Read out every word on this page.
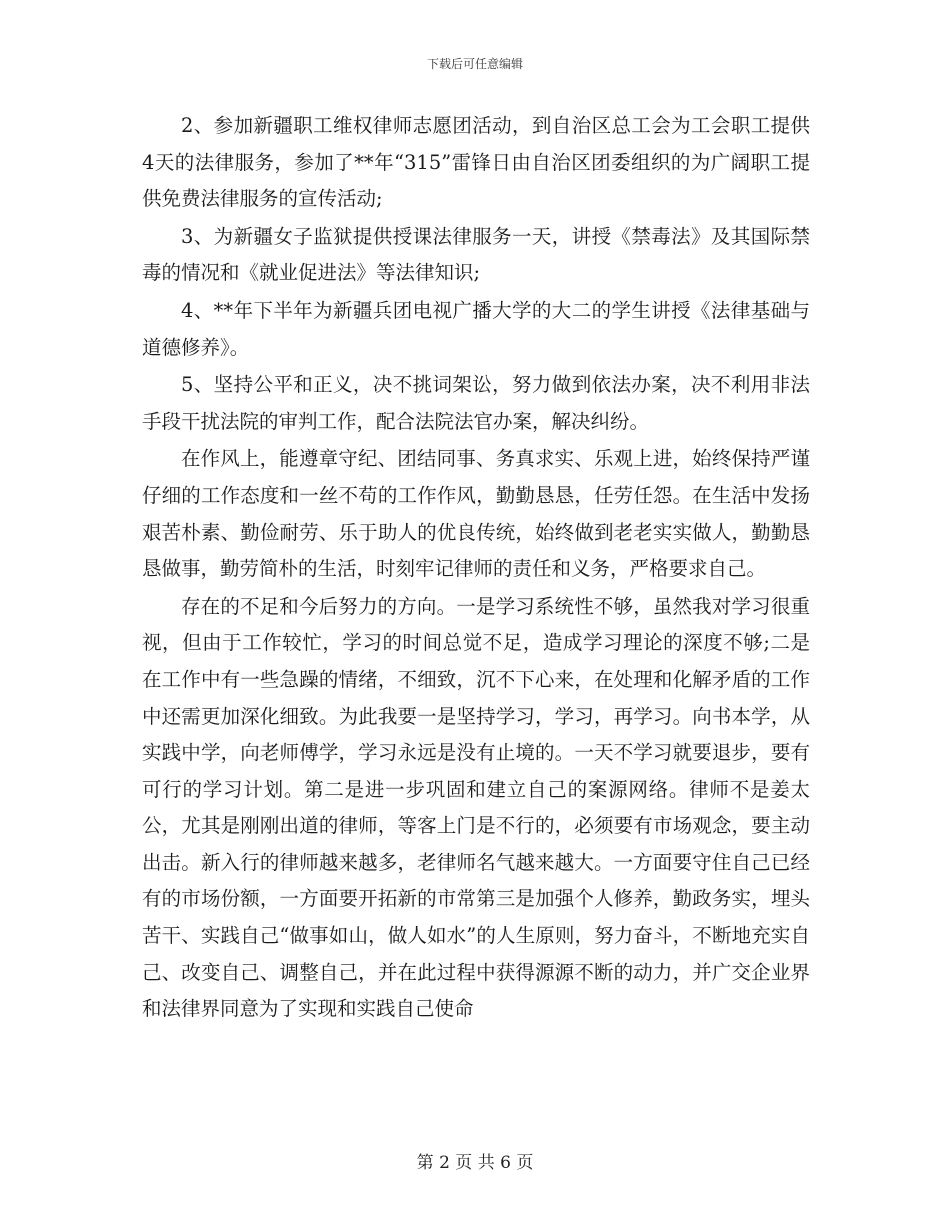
下载后可任意编辑

2、参加新疆职工维权律师志愿团活动，到自治区总工会为工会职工提供4天的法律服务，参加了**年“315”雷锋日由自治区团委组织的为广阔职工提供免费法律服务的宣传活动;

3、为新疆女子监狱提供授课法律服务一天，讲授《禁毒法》及其国际禁毒的情况和《就业促进法》等法律知识;

4、**年下半年为新疆兵团电视广播大学的大二的学生讲授《法律基础与道德修养》。

5、坚持公平和正义，决不挑词架讼，努力做到依法办案，决不利用非法手段干扰法院的审判工作，配合法院法官办案，解决纠纷。

在作风上，能遵章守纪、团结同事、务真求实、乐观上进，始终保持严谨仔细的工作态度和一丝不苟的工作作风，勤勤恳恳，任劳任怨。在生活中发扬艰苦朴素、勤俭耐劳、乐于助人的优良传统，始终做到老老实实做人，勤勤恳恳做事，勤劳简朴的生活，时刻牢记律师的责任和义务，严格要求自己。

存在的不足和今后努力的方向。一是学习系统性不够，虽然我对学习很重视，但由于工作较忙，学习的时间总觉不足，造成学习理论的深度不够;二是在工作中有一些急躁的情绪，不细致，沉不下心来，在处理和化解矛盾的工作中还需更加深化细致。为此我要一是坚持学习，学习，再学习。向书本学，从实践中学，向老师傅学，学习永远是没有止境的。一天不学习就要退步，要有可行的学习计划。第二是进一步巩固和建立自己的案源网络。律师不是姜太公，尤其是刚刚出道的律师，等客上门是不行的，必须要有市场观念，要主动出击。新入行的律师越来越多，老律师名气越来越大。一方面要守住自己已经有的市场份额，一方面要开拓新的市常第三是加强个人修养，勤政务实，埋头苦干、实践自己“做事如山，做人如水”的人生原则，努力奋斗，不断地充实自己、改变自己、调整自己，并在此过程中获得源源不断的动力，并广交企业界和法律界同意为了实现和实践自己使命

第 2 页 共 6 页
